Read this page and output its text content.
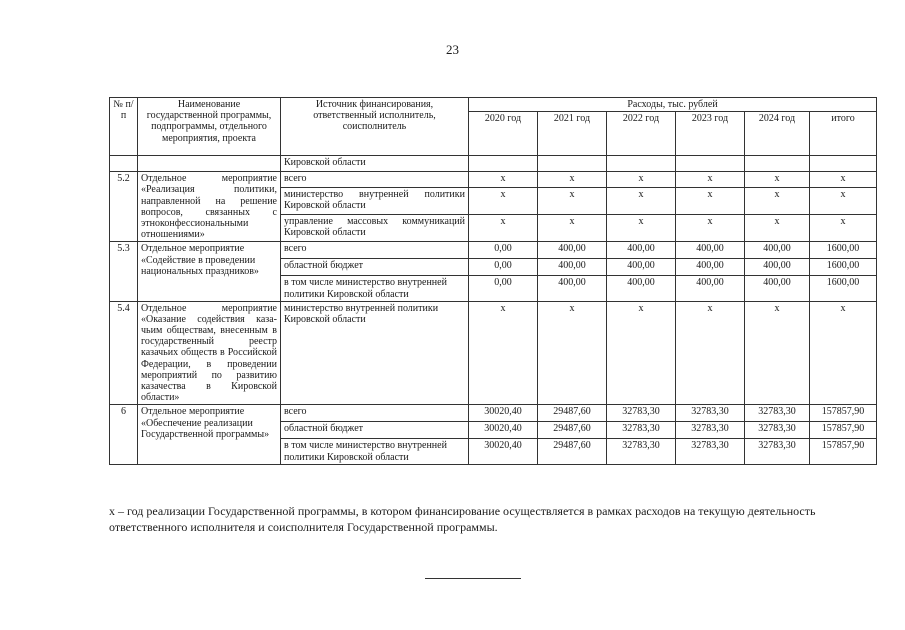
23
№ п/п	Наименование государственной программы, подпрограммы, отдельного мероприятия, проекта	Источник финансирования, ответственный исполнитель, соисполнитель	Расходы, тыс. рублей					
			2020 год	2021 год	2022 год	2023 год	2024 год	итого
		Кировской области						
5.2	Отдельное мероприятие «Реализация политики, направленной на решение вопросов, связанных с этноконфессиональными отношениями»	всего	x	x	x	x	x	x
		министерство внутренней политики Кировской области	x	x	x	x	x	x
		управление массовых коммуникаций Кировской области	x	x	x	x	x	x
5.3	Отдельное мероприятие «Содействие в проведении национальных праздников»	всего	0,00	400,00	400,00	400,00	400,00	1600,00
		областной бюджет	0,00	400,00	400,00	400,00	400,00	1600,00
		в том числе министерство внутренней политики Кировской области	0,00	400,00	400,00	400,00	400,00	1600,00
5.4	Отдельное мероприятие «Оказание содействия каза-чьим обществам, внесенным в государственный реестр казачьих обществ в Российской Федерации, в проведении мероприятий по развитию казачества в Кировской области»	министерство внутренней политики Кировской области	x	x	x	x	x	x
6	Отдельное мероприятие «Обеспечение реализации Государственной программы»	всего	30020,40	29487,60	32783,30	32783,30	32783,30	157857,90
		областной бюджет	30020,40	29487,60	32783,30	32783,30	32783,30	157857,90
		в том числе министерство внутренней политики Кировской области	30020,40	29487,60	32783,30	32783,30	32783,30	157857,90
х – год реализации Государственной программы, в котором финансирование осуществляется в рамках расходов на текущую деятельность ответственного исполнителя и соисполнителя Государственной программы.
